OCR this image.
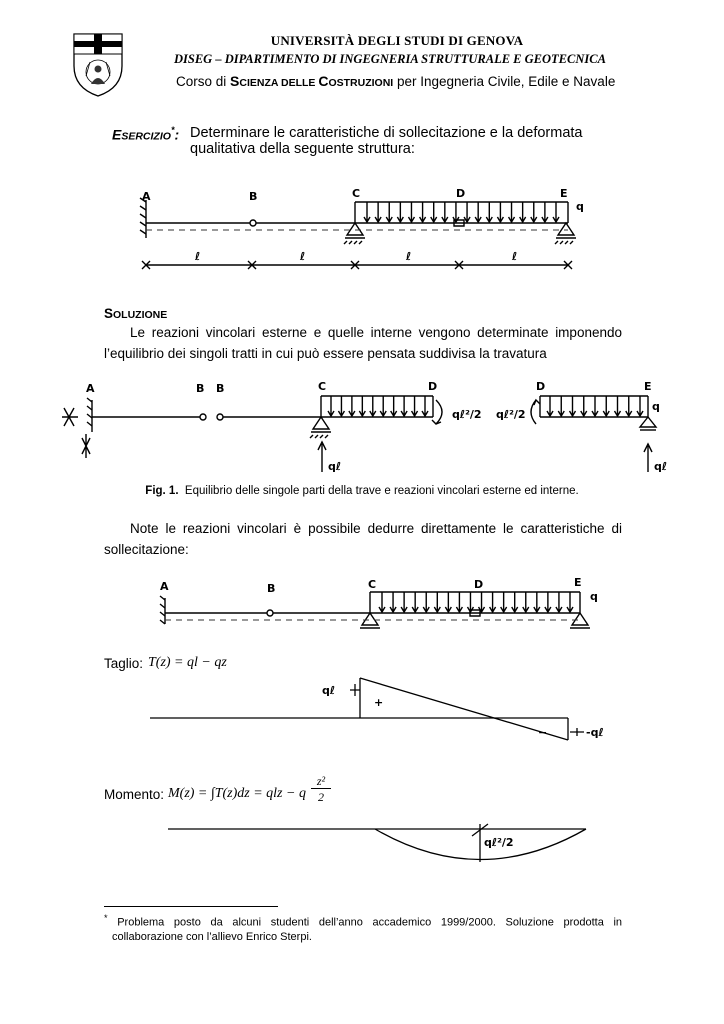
UNIVERSITÀ DEGLI STUDI DI GENOVA
DISEG – DIPARTIMENTO DI INGEGNERIA STRUTTURALE E GEOTECNICA
Corso di SCIENZA DELLE COSTRUZIONI per Ingegneria Civile, Edile e Navale
ESERCIZIO*: Determinare le caratteristiche di sollecitazione e la deformata
qualitativa della seguente struttura:
A	B	C	D	E
q
ℓ	ℓ	ℓ	ℓ
SOLUZIONE
Le reazioni vincolari esterne e quelle interne vengono determinate imponendo
l’equilibrio dei singoli tratti in cui può essere pensata suddivisa la travatura
A	B B	C	D	D	E
qℓ²/2 qℓ²/2
q
qℓ	qℓ
Fig. 1. Equilibrio delle singole parti della trave e reazioni vincolari esterne ed interne.
Note le reazioni vincolari è possibile dedurre direttamente le caratteristiche di
sollecitazione:
A	B	C	D	E
q
Taglio: T(z) = ql − qz
qℓ
+
−	-qℓ
Momento: M(z) = ∫T(z)dz = qlz − q
z²
2
qℓ²/2
* Problema posto da alcuni studenti dell’anno accademico 1999/2000. Soluzione prodotta in
collaborazione con l’allievo Enrico Sterpi.
